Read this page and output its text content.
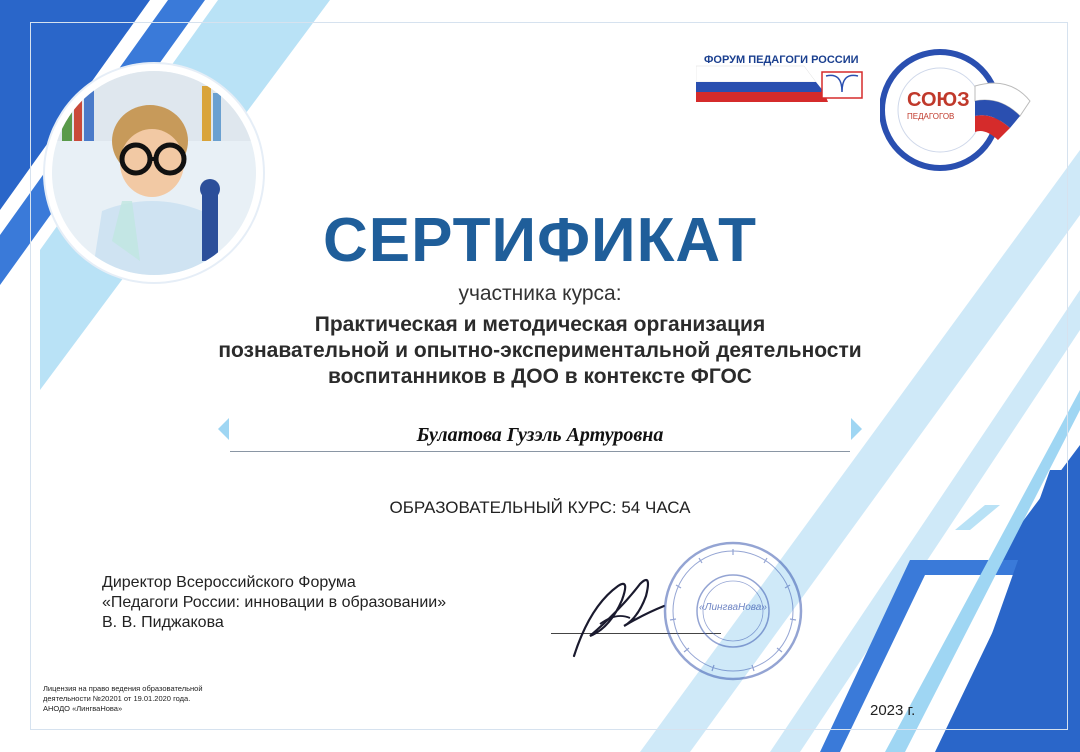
ФОРУМ ПЕДАГОГИ РОССИИ
СОЮЗ
ПЕДАГОГОВ
СЕРТИФИКАТ
участника курса:
Практическая и методическая организация
познавательной и опытно-экспериментальной деятельности
воспитанников в ДОО в контексте ФГОС
Булатова Гузэль Артуровна
ОБРАЗОВАТЕЛЬНЫЙ КУРС: 54 ЧАСА
Директор Всероссийского Форума
«Педагоги России: инновации в образовании»
В. В. Пиджакова
«ЛингваНова»
Лицензия на право ведения образовательной
деятельности №20201 от 19.01.2020 года.
АНОДО «ЛингваНова»	2023 г.
